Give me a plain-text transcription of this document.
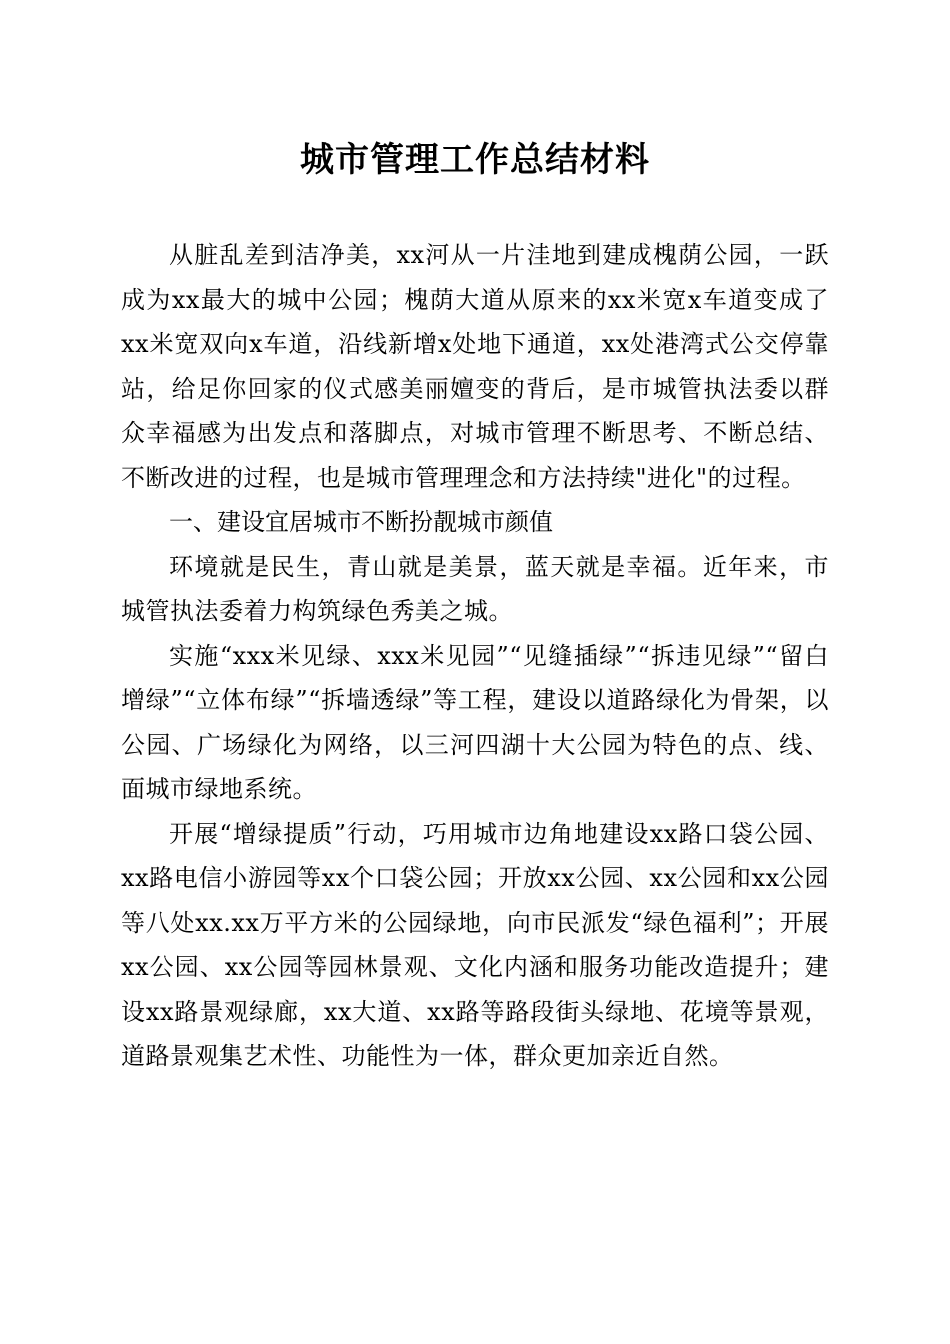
城市管理工作总结材料

从脏乱差到洁净美，xx河从一片洼地到建成槐荫公园，一跃成为xx最大的城中公园；槐荫大道从原来的xx米宽x车道变成了xx米宽双向x车道，沿线新增x处地下通道，xx处港湾式公交停靠站，给足你回家的仪式感美丽嬗变的背后，是市城管执法委以群众幸福感为出发点和落脚点，对城市管理不断思考、不断总结、不断改进的过程，也是城市管理理念和方法持续"进化"的过程。

一、建设宜居城市不断扮靓城市颜值

环境就是民生，青山就是美景，蓝天就是幸福。近年来，市城管执法委着力构筑绿色秀美之城。

实施“xxx米见绿、xxx米见园”“见缝插绿”“拆违见绿”“留白增绿”“立体布绿”“拆墙透绿”等工程，建设以道路绿化为骨架，以公园、广场绿化为网络，以三河四湖十大公园为特色的点、线、面城市绿地系统。

开展“增绿提质”行动，巧用城市边角地建设xx路口袋公园、xx路电信小游园等xx个口袋公园；开放xx公园、xx公园和xx公园等八处xx.xx万平方米的公园绿地，向市民派发“绿色福利”；开展xx公园、xx公园等园林景观、文化内涵和服务功能改造提升；建设xx路景观绿廊，xx大道、xx路等路段街头绿地、花境等景观，道路景观集艺术性、功能性为一体，群众更加亲近自然。
